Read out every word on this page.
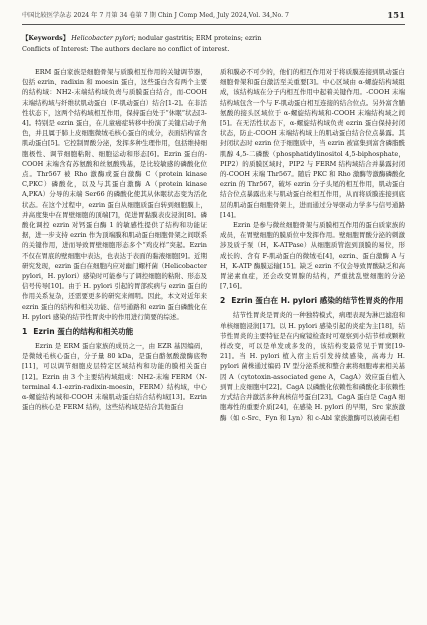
中国比较医学杂志 2024 年 7 月第 34 卷第 7 期 Chin J Comp Med, July 2024,Vol. 34,No. 7	151
【Keywords】 Helicobacter pylori; nodular gastritis; ERM proteins; ezrin
Conflicts of Interest: The authors declare no conflict of interest.

ERM 蛋白家族是细胞骨架与质膜相互作用的关键调节器，包括 ezrin、radixin 和 moesin 蛋白，这些蛋白含有两个主要的结构域：NH2-末端结构域负责与质膜蛋白结合，而-COOH 末端结构域与纤维状肌动蛋白（F-肌动蛋白）结合[1-2]。在非活性状态下，这两个结构域相互作用，保持蛋白处于“休眠”状态[3-4]。特别是 ezrin 蛋白，在儿童癌症转移中扮演了关键启动子角色，并且属于肺上皮细胞微绒毛核心蛋白的成分，表面结构富含肌动蛋白[5]。它控制胃酸分泌，发挥多种生理作用，包括维持细胞极性、调节细胞粘附、细胞运动和形态[6]。Ezrin 蛋白的-COOH 末端含有苏氨酸和丝氨酸残基，是比较敏感的磷酸化位点。Thr567 被 Rho 激酶或蛋白激酶 C（protein kinase C,PKC）磷酸化，以及与其蛋白激酶 A（protein kinase A,PKA）分导的末端 Ser66 的磷酸化使其从休眠状态变为活化状态。在这个过程中，ezrin 蛋白从细胞质蛋白转到细胞膜上，并高度集中在胃壁细胞的顶端[7]，促进胃黏膜表皮浸润[8]。磷酸化调控 ezrin 对钙蛋白酶 1 的敏感性提供了结构和功能证据，进一步支持 ezrin 作为顶端膜和肌动蛋白细胞骨架之间联系的关键作用，进而导致胃壁细胞形态多个“鸡皮样”突起。Ezrin 不仅在胃底的壁细胞中表达，也表达于表面的黏液细胞[9]。近期研究发现，ezrin 蛋白在细胞内应对幽门螺杆菌（Helicobacter pylori，H. pylori）感染时可能参与了调控细胞的粘附、形态及信号传导[10]。由于 H. pylori 引起的胃部疾病与 ezrin 蛋白的作用关系复杂，还需要更多的研究来阐明。因此，本文对近年来 ezrin 蛋白的结构和相关功能、信号通路和 ezrin 蛋白磷酸化在 H. pylori 感染的结节性胃炎中的作用进行简要的综述。

1 Ezrin 蛋白的结构和相关功能

Ezrin 是 ERM 蛋白家族的成员之一，由 EZR 基因编码，是微绒毛核心蛋白，分子量 80 kDa，是蛋白酪氨酸激酶底物[11]，可以调节细胞皮层特定区域结构和功能的膜相关蛋白[12]。Ezrin 由 3 个主要结构域组成：NH2-末端 FERM（N-terminal 4.1-ezrin-radixin-moesin，FERM）结构域，中心 α-螺旋结构域和-COOH 末端肌动蛋白结合结构域[13]。Ezrin 蛋白的核心是 FERM 结构，这些结构域是结合其他蛋白

质和膜必不可少的，他们的相互作用对于将质膜连接到肌动蛋白细胞骨架和蛋白激活至关重要[3]。中心区域由 α-螺旋结构域组成，该结构域在分子内相互作用中起着关键作用。-COOH 末端结构域包含一个与 F-肌动蛋白相互连接的结合位点。另外富含脯氨酸的接头区域位于 α-螺旋结构域和-COOH 末端结构域之间[5]。在无活性状态下，α-螺旋结构域负责 ezrin 蛋白保持封闭状态，防止-COOH 末端结构域上的肌动蛋白结合位点暴露。其封闭状态时 ezrin 位于细胞质中，当 ezrin 被富集到富含磷脂酰肌醇 4,5-二磷酸（phosphatidylinositol 4,5-biphosphate，PIP2）的质膜区域时，PIP2 与 FERM 结构域结合并暴露封闭的-COOH 末端 Thr567。随后 PKC 和 Rho 激酶等激酶磷酸化 ezrin 的 Thr567，破坏 ezrin 分子头尾的相互作用，肌动蛋白结合位点暴露出来与肌动蛋白丝相互作用，从而将质膜连接到底层的肌动蛋白细胞骨架上，进而通过分导驱动力学多与信号通路[14]。

Ezrin 是参与微丝细胞骨架与质膜相互作用的蛋白质家族的成员，在胃壁细胞的膜质位中发挥作用。壁细胞胃酸分泌的刺激涉及质子泵（H，K-ATPase）从细胞质管泡到顶膜的易位，形成长的、含有 F-肌动蛋白的微绒毛[4]，ezrin、蛋白激酶 A 与 H，K-ATP 酶膜运输[15]。缺乏 ezrin 不仅会导致胃酸缺乏和高胃泌素血症，还会改变胃腺的结构，严重扰乱壁细胞的分泌[7,16]。

2 Ezrin 蛋白在 H. pylori 感染的结节性胃炎的作用

结节性胃炎是胃炎的一种独特模式，病理表现为淋巴滤泡和单核细胞浸润[17]。以 H. pylori 感染引起的炎症为主[18]，结节性胃炎的主要特征是在内窥镜检查时可观察到小结节样或颗粒样改变，可以是单发或多发的，该结构变最常见于胃窦[19-21]。当 H. pylori 植入宿主后引发持续感染，高毒力 H. pylori 菌株通过编码 IV 型分泌系统和整合素将细胞毒素相关基因 A（cytotoxin-associated gene A，CagA）效应蛋白植入到胃上皮细胞中[22]。CagA 以磷酸化依赖性和磷酸化非依赖性方式结合并激活多种真核信号蛋白[23]。CagA 蛋白是 CagA 细胞毒性的重要介质[24]，在感染 H. pylori 的早期，Src 家族激酶（如 c-Src、Fyn 和 Lyn）和 c-Abl 家族激酶可以被菌毛相
